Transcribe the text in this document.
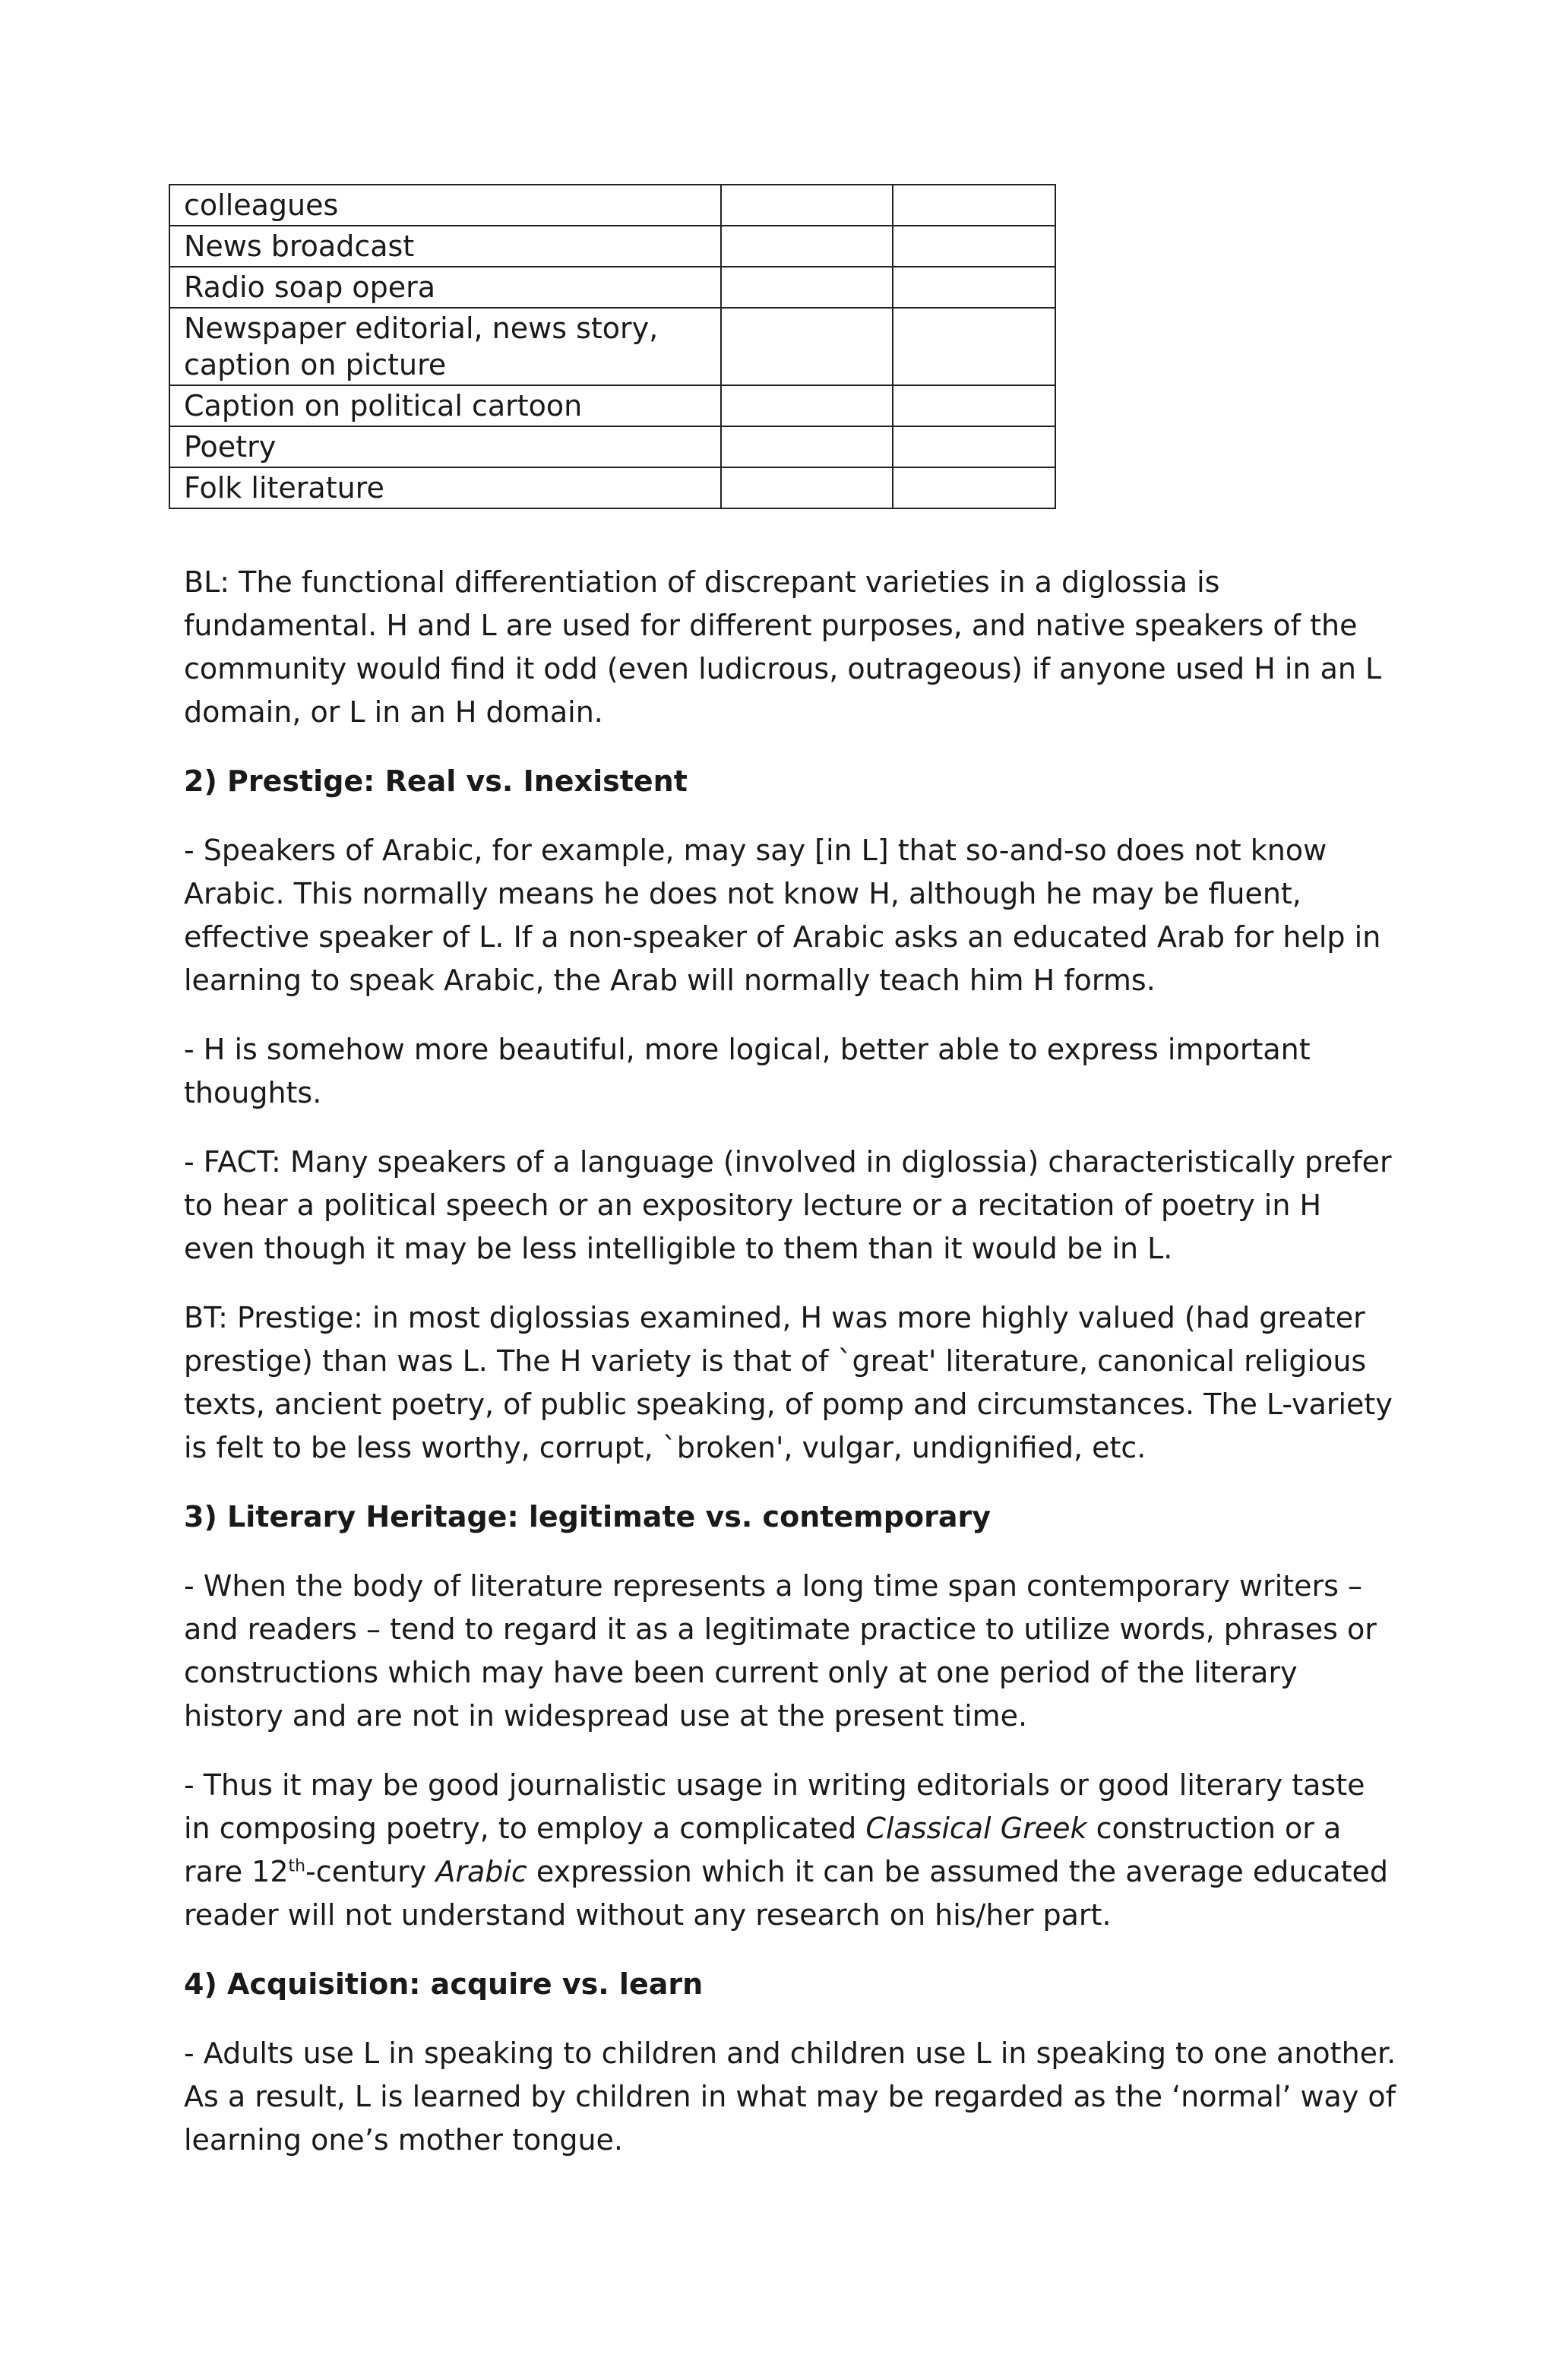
colleagues		
News broadcast		
Radio soap opera		
Newspaper editorial, news story, caption on picture		
Caption on political cartoon		
Poetry		
Folk literature		

BL: The functional differentiation of discrepant varieties in a diglossia is fundamental. H and L are used for different purposes, and native speakers of the community would find it odd (even ludicrous, outrageous) if anyone used H in an L domain, or L in an H domain.

2) Prestige: Real vs. Inexistent

- Speakers of Arabic, for example, may say [in L] that so-and-so does not know Arabic. This normally means he does not know H, although he may be fluent, effective speaker of L. If a non-speaker of Arabic asks an educated Arab for help in learning to speak Arabic, the Arab will normally teach him H forms.

- H is somehow more beautiful, more logical, better able to express important thoughts.

- FACT: Many speakers of a language (involved in diglossia) characteristically prefer to hear a political speech or an expository lecture or a recitation of poetry in H even though it may be less intelligible to them than it would be in L.

BT: Prestige: in most diglossias examined, H was more highly valued (had greater prestige) than was L. The H variety is that of `great' literature, canonical religious texts, ancient poetry, of public speaking, of pomp and circumstances. The L-variety is felt to be less worthy, corrupt, `broken', vulgar, undignified, etc.

3) Literary Heritage: legitimate vs. contemporary

- When the body of literature represents a long time span contemporary writers – and readers – tend to regard it as a legitimate practice to utilize words, phrases or constructions which may have been current only at one period of the literary history and are not in widespread use at the present time.

- Thus it may be good journalistic usage in writing editorials or good literary taste in composing poetry, to employ a complicated Classical Greek construction or a rare 12th-century Arabic expression which it can be assumed the average educated reader will not understand without any research on his/her part.

4) Acquisition: acquire vs. learn

- Adults use L in speaking to children and children use L in speaking to one another. As a result, L is learned by children in what may be regarded as the ‘normal’ way of learning one’s mother tongue.
